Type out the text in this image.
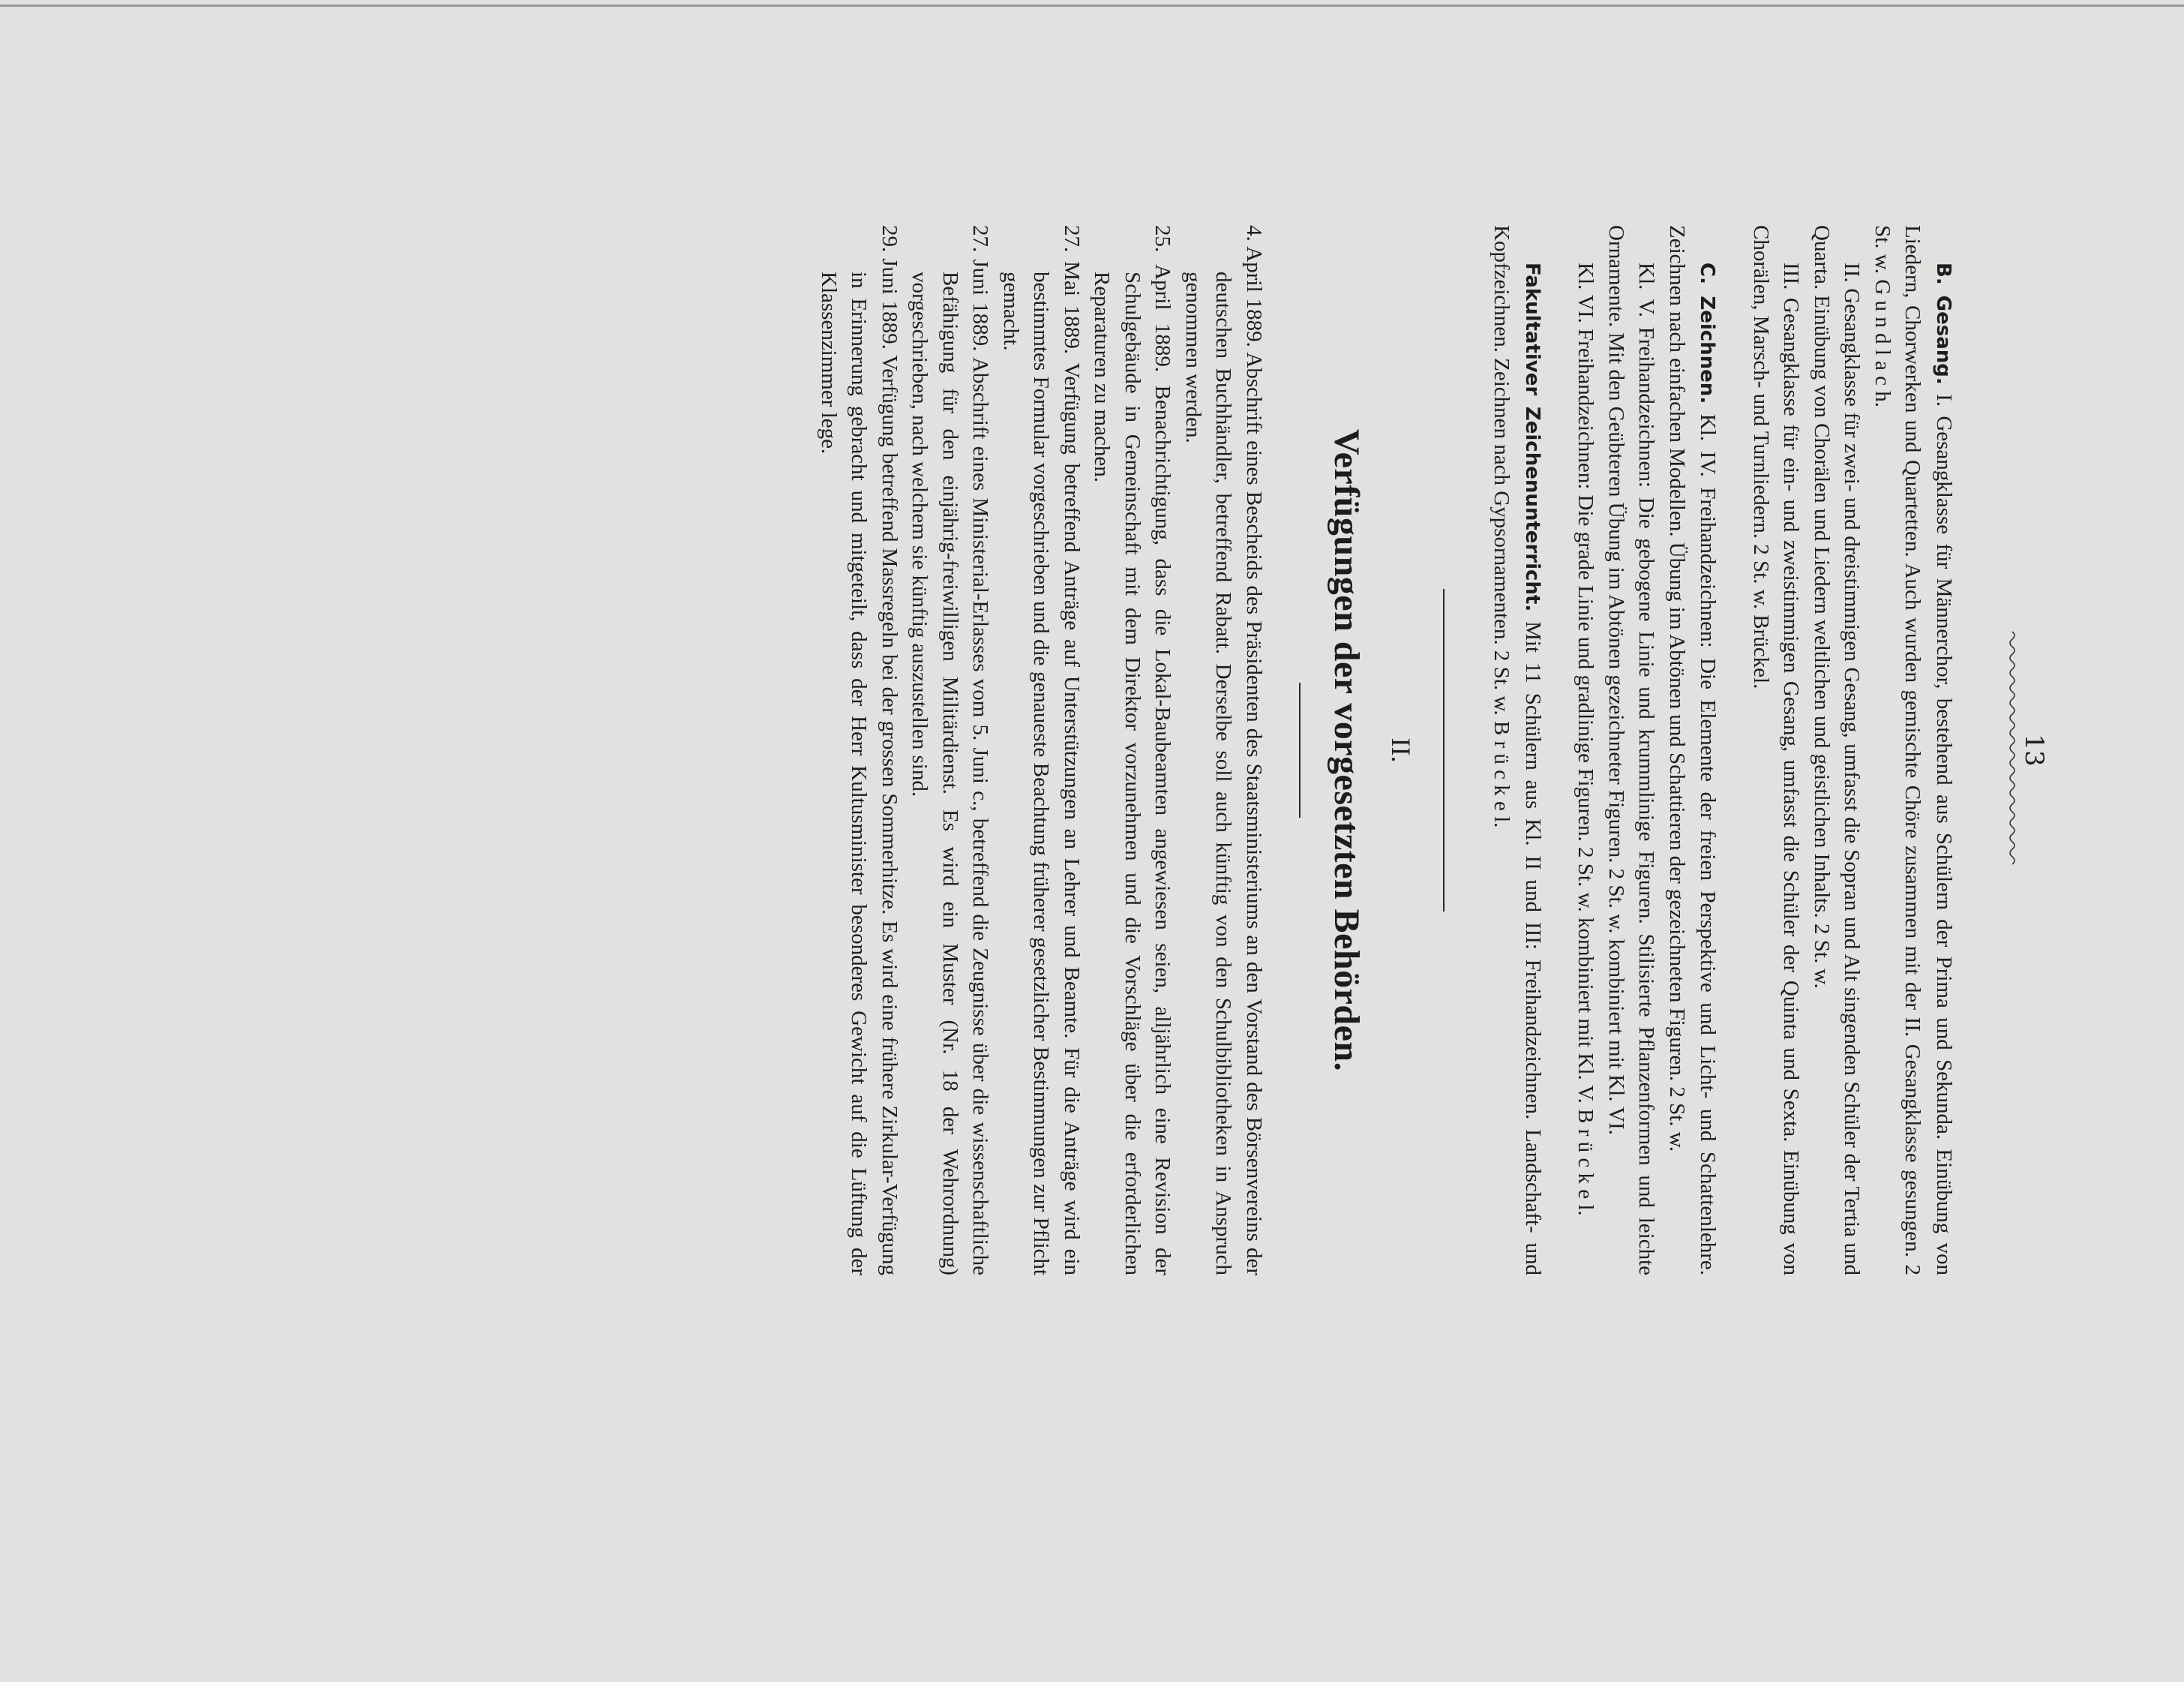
13

B. Gesang. I. Gesangklasse für Männerchor, bestehend aus Schülern der Prima und Sekunda. Einübung von Liedern, Chorwerken und Quartetten. Auch wurden gemischte Chöre zusammen mit der II. Gesangklasse gesungen. 2 St. w. G u n d l a c h.

II. Gesangklasse für zwei- und dreistimmigen Gesang, umfasst die Sopran und Alt singenden Schüler der Tertia und Quarta. Einübung von Chorälen und Liedern weltlichen und geistlichen Inhalts. 2 St. w.

III. Gesangklasse für ein- und zweistimmigen Gesang, umfasst die Schüler der Quinta und Sexta. Einübung von Chorälen, Marsch- und Turnliedern. 2 St. w. Brückel.

C. Zeichnen. Kl. IV. Freihandzeichnen: Die Elemente der freien Perspektive und Licht- und Schattenlehre. Zeichnen nach einfachen Modellen. Übung im Abtönen und Schattieren der gezeichneten Figuren. 2 St. w.

Kl. V. Freihandzeichnen: Die gebogene Linie und krummlinige Figuren. Stilisierte Pflanzenformen und leichte Ornamente. Mit den Geübteren Übung im Abtönen gezeichneter Figuren. 2 St. w. kombiniert mit Kl. VI.

Kl. VI. Freihandzeichnen: Die grade Linie und gradlinige Figuren. 2 St. w. kombiniert mit Kl. V. B r ü c k e l.

Fakultativer Zeichenunterricht. Mit 11 Schülern aus Kl. II und III: Freihandzeichnen. Landschaft- und Kopfzeichnen. Zeichnen nach Gypsornamenten. 2 St. w. B r ü c k e l.

II.
Verfügungen der vorgesetzten Behörden.

4. April 1889. Abschrift eines Bescheids des Präsidenten des Staatsministeriums an den Vorstand des Börsenvereins der deutschen Buchhändler, betreffend Rabatt. Derselbe soll auch künftig von den Schulbibliotheken in Anspruch genommen werden.

25. April 1889. Benachrichtigung, dass die Lokal-Baubeamten angewiesen seien, alljährlich eine Revision der Schulgebäude in Gemeinschaft mit dem Direktor vorzunehmen und die Vorschläge über die erforderlichen Reparaturen zu machen.

27. Mai 1889. Verfügung betreffend Anträge auf Unterstützungen an Lehrer und Beamte. Für die Anträge wird ein bestimmtes Formular vorgeschrieben und die genaueste Beachtung früherer gesetzlicher Bestimmungen zur Pflicht gemacht.

27. Juni 1889. Abschrift eines Ministerial-Erlasses vom 5. Juni c., betreffend die Zeugnisse über die wissenschaftliche Befähigung für den einjährig-freiwilligen Militärdienst. Es wird ein Muster (Nr. 18 der Wehrordnung) vorgeschrieben, nach welchem sie künftig auszustellen sind.

29. Juni 1889. Verfügung betreffend Massregeln bei der grossen Sommerhitze. Es wird eine frühere Zirkular-Verfügung in Erinnerung gebracht und mitgeteilt, dass der Herr Kultusminister besonderes Gewicht auf die Lüftung der Klassenzimmer lege.
